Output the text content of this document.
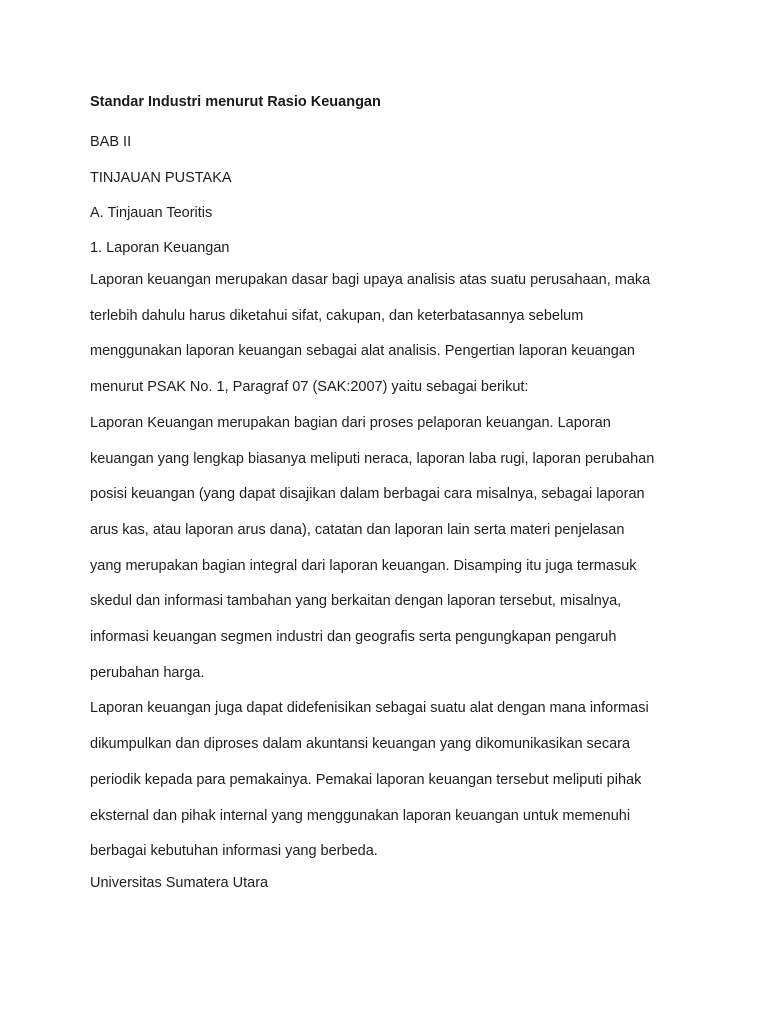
Standar Industri menurut Rasio Keuangan

BAB II

TINJAUAN PUSTAKA

A. Tinjauan Teoritis

1. Laporan Keuangan

Laporan keuangan merupakan dasar bagi upaya analisis atas suatu perusahaan, maka
terlebih dahulu harus diketahui sifat, cakupan, dan keterbatasannya sebelum
menggunakan laporan keuangan sebagai alat analisis. Pengertian laporan keuangan
menurut PSAK No. 1, Paragraf 07 (SAK:2007) yaitu sebagai berikut:

Laporan Keuangan merupakan bagian dari proses pelaporan keuangan. Laporan
keuangan yang lengkap biasanya meliputi neraca, laporan laba rugi, laporan perubahan
posisi keuangan (yang dapat disajikan dalam berbagai cara misalnya, sebagai laporan
arus kas, atau laporan arus dana), catatan dan laporan lain serta materi penjelasan
yang merupakan bagian integral dari laporan keuangan. Disamping itu juga termasuk
skedul dan informasi tambahan yang berkaitan dengan laporan tersebut, misalnya,
informasi keuangan segmen industri dan geografis serta pengungkapan pengaruh
perubahan harga.

Laporan keuangan juga dapat didefenisikan sebagai suatu alat dengan mana informasi
dikumpulkan dan diproses dalam akuntansi keuangan yang dikomunikasikan secara
periodik kepada para pemakainya. Pemakai laporan keuangan tersebut meliputi pihak
eksternal dan pihak internal yang menggunakan laporan keuangan untuk memenuhi
berbagai kebutuhan informasi yang berbeda.

Universitas Sumatera Utara
